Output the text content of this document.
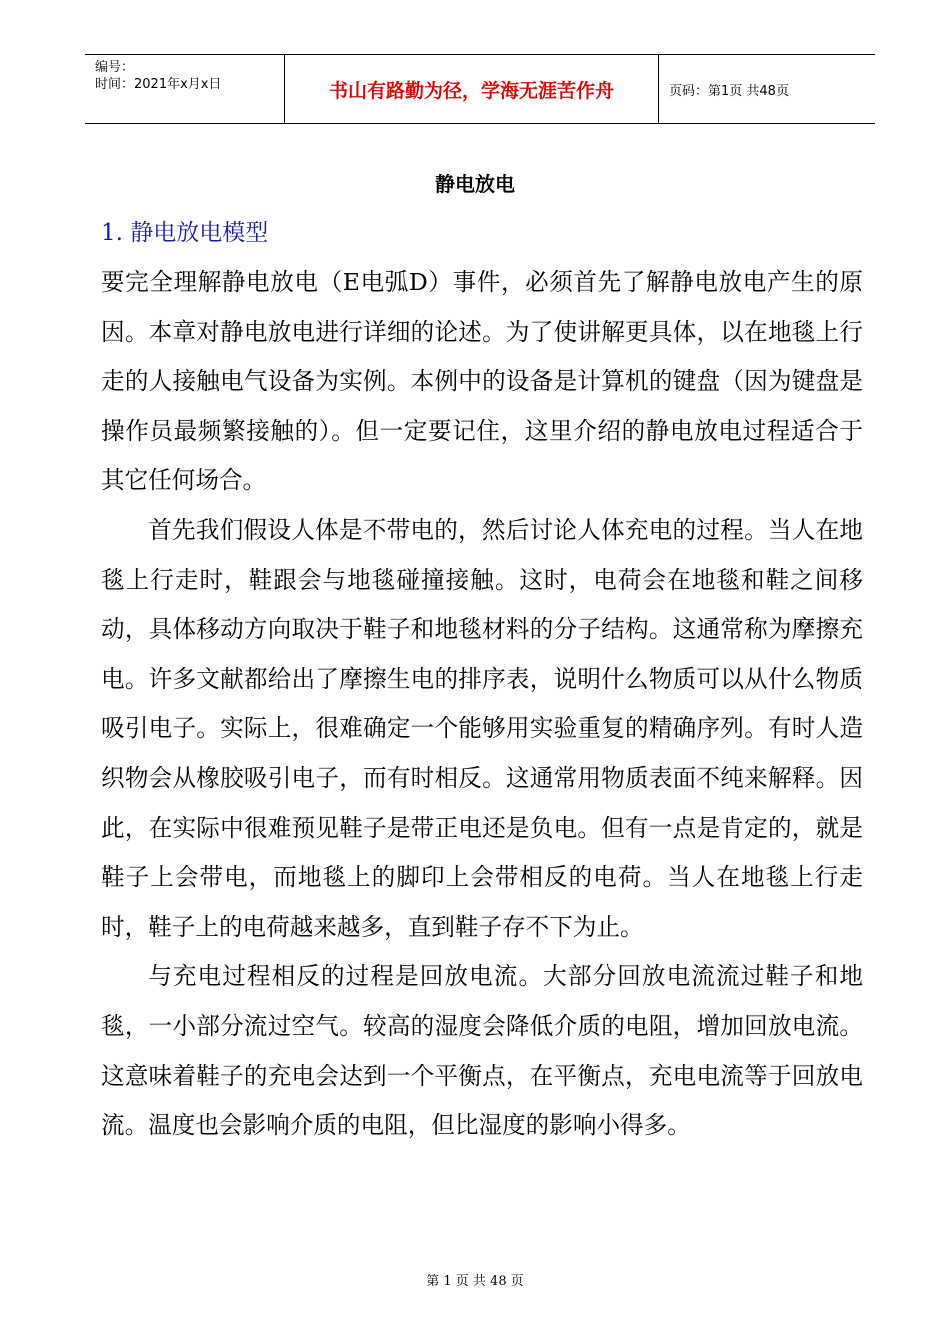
编号：
时间：2021年x月x日	书山有路勤为径，学海无涯苦作舟	页码：第1页 共48页
静电放电
1. 静电放电模型

要完全理解静电放电（E电弧D）事件，必须首先了解静电放电产生的原因。本章对静电放电进行详细的论述。为了使讲解更具体，以在地毯上行走的人接触电气设备为实例。本例中的设备是计算机的键盘（因为键盘是操作员最频繁接触的）。但一定要记住，这里介绍的静电放电过程适合于其它任何场合。

首先我们假设人体是不带电的，然后讨论人体充电的过程。当人在地毯上行走时，鞋跟会与地毯碰撞接触。这时，电荷会在地毯和鞋之间移动，具体移动方向取决于鞋子和地毯材料的分子结构。这通常称为摩擦充电。许多文献都给出了摩擦生电的排序表，说明什么物质可以从什么物质吸引电子。实际上，很难确定一个能够用实验重复的精确序列。有时人造织物会从橡胶吸引电子，而有时相反。这通常用物质表面不纯来解释。因此，在实际中很难预见鞋子是带正电还是负电。但有一点是肯定的，就是鞋子上会带电，而地毯上的脚印上会带相反的电荷。当人在地毯上行走时，鞋子上的电荷越来越多，直到鞋子存不下为止。

与充电过程相反的过程是回放电流。大部分回放电流流过鞋子和地毯，一小部分流过空气。较高的湿度会降低介质的电阻，增加回放电流。这意味着鞋子的充电会达到一个平衡点，在平衡点，充电电流等于回放电流。温度也会影响介质的电阻，但比湿度的影响小得多。

第 1 页 共 48 页
